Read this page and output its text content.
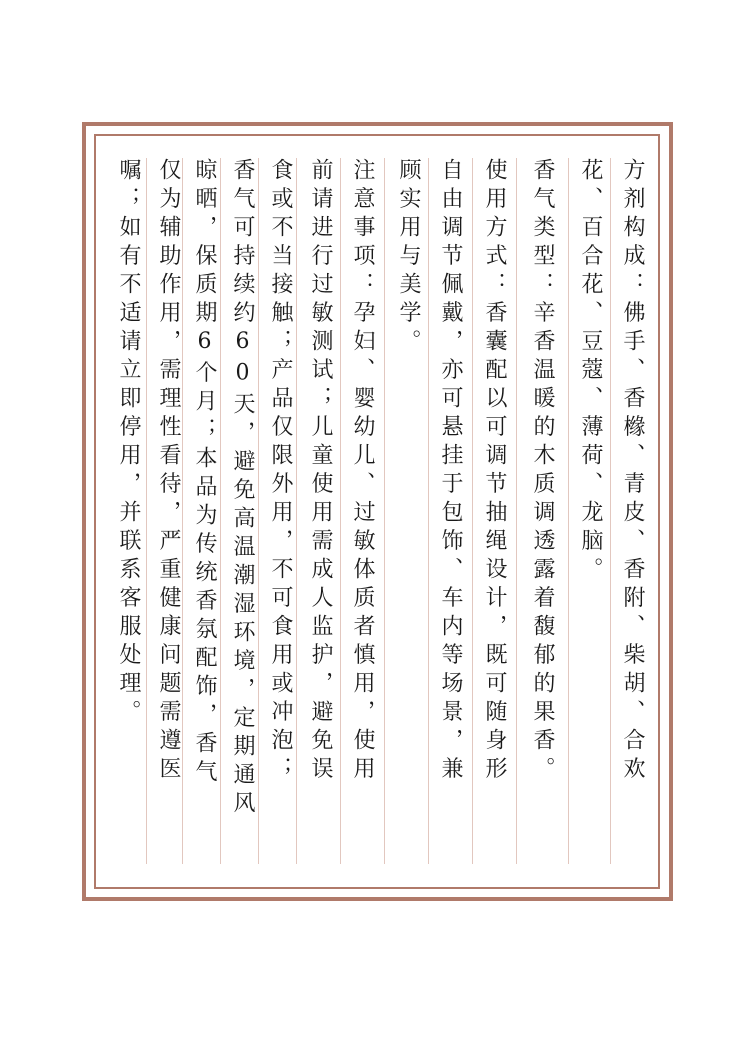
方剂构成：佛手、香橼、青皮、香附、柴胡、合欢
花、百合花、豆蔻、薄荷、龙脑。
香气类型：辛香温暖的木质调透露着馥郁的果香。
使用方式：香囊配以可调节抽绳设计，既可随身形
自由调节佩戴，亦可悬挂于包饰、车内等场景，兼
顾实用与美学。
注意事项：孕妇、婴幼儿、过敏体质者慎用，使用
前请进行过敏测试；儿童使用需成人监护，避免误
食或不当接触；产品仅限外用，不可食用或冲泡；
香气可持续约60天，避免高温潮湿环境，定期通风
晾晒，保质期6个月；本品为传统香氛配饰，香气
仅为辅助作用，需理性看待，严重健康问题需遵医
嘱；如有不适请立即停用，并联系客服处理。
